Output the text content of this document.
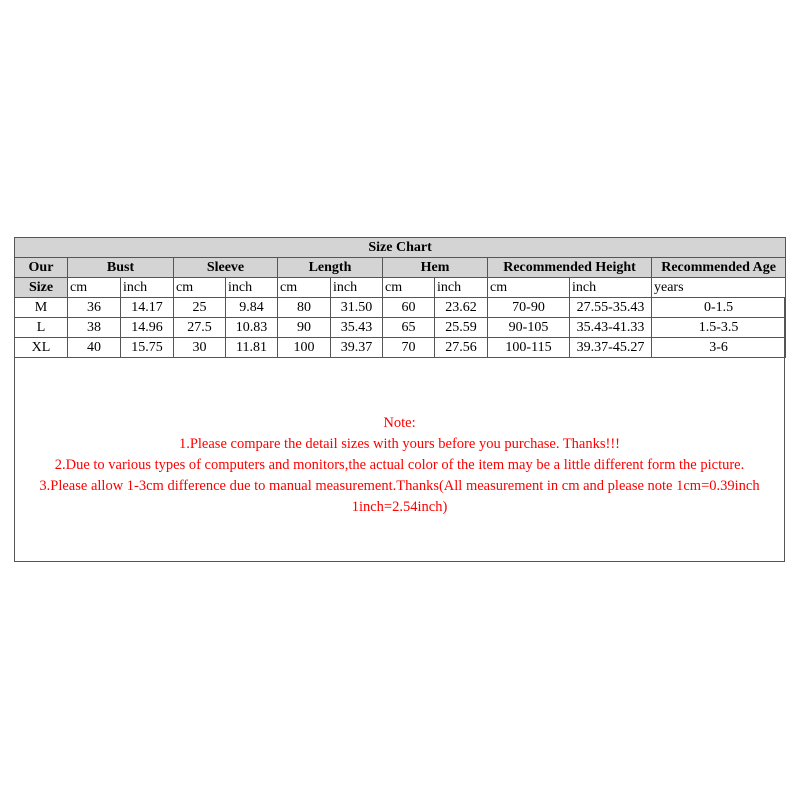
Size Chart											
Our	Bust		Sleeve		Length		Hem		Recommended Height		Recommended Age
Size	cm	inch	cm	inch	cm	inch	cm	inch	cm	inch	years
M	36	14.17	25	9.84	80	31.50	60	23.62	70-90	27.55-35.43	0-1.5
L	38	14.96	27.5	10.83	90	35.43	65	25.59	90-105	35.43-41.33	1.5-3.5
XL	40	15.75	30	11.81	100	39.37	70	27.56	100-115	39.37-45.27	3-6
Note:
1.Please compare the detail sizes with yours before you purchase. Thanks!!!
2.Due to various types of computers and monitors,the actual color of the item may be a little different form the picture.
3.Please allow 1-3cm difference due to manual measurement.Thanks(All measurement in cm and please note 1cm=0.39inch
1inch=2.54inch)
